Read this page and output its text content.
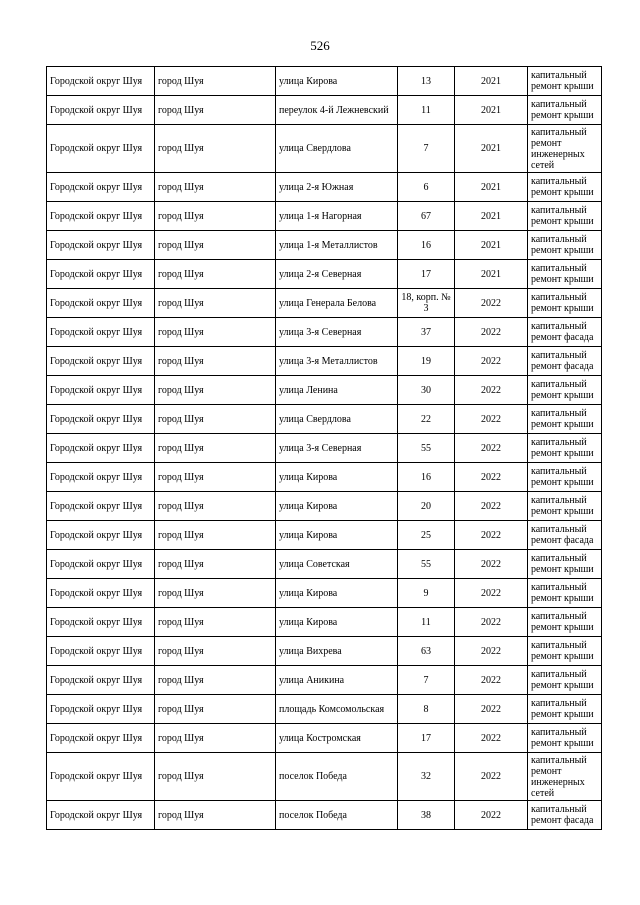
526
Городской округ Шуя	город Шуя	улица Кирова	13	2021	капитальный ремонт крыши
Городской округ Шуя	город Шуя	переулок 4-й Лежневский	11	2021	капитальный ремонт крыши
Городской округ Шуя	город Шуя	улица Свердлова	7	2021	капитальный ремонт инженерных сетей
Городской округ Шуя	город Шуя	улица 2-я Южная	6	2021	капитальный ремонт крыши
Городской округ Шуя	город Шуя	улица 1-я Нагорная	67	2021	капитальный ремонт крыши
Городской округ Шуя	город Шуя	улица 1-я Металлистов	16	2021	капитальный ремонт крыши
Городской округ Шуя	город Шуя	улица 2-я Северная	17	2021	капитальный ремонт крыши
Городской округ Шуя	город Шуя	улица Генерала Белова	18, корп. № 3	2022	капитальный ремонт крыши
Городской округ Шуя	город Шуя	улица 3-я Северная	37	2022	капитальный ремонт фасада
Городской округ Шуя	город Шуя	улица 3-я Металлистов	19	2022	капитальный ремонт фасада
Городской округ Шуя	город Шуя	улица Ленина	30	2022	капитальный ремонт крыши
Городской округ Шуя	город Шуя	улица Свердлова	22	2022	капитальный ремонт крыши
Городской округ Шуя	город Шуя	улица 3-я Северная	55	2022	капитальный ремонт крыши
Городской округ Шуя	город Шуя	улица Кирова	16	2022	капитальный ремонт крыши
Городской округ Шуя	город Шуя	улица Кирова	20	2022	капитальный ремонт крыши
Городской округ Шуя	город Шуя	улица Кирова	25	2022	капитальный ремонт фасада
Городской округ Шуя	город Шуя	улица Советская	55	2022	капитальный ремонт крыши
Городской округ Шуя	город Шуя	улица Кирова	9	2022	капитальный ремонт крыши
Городской округ Шуя	город Шуя	улица Кирова	11	2022	капитальный ремонт крыши
Городской округ Шуя	город Шуя	улица Вихрева	63	2022	капитальный ремонт крыши
Городской округ Шуя	город Шуя	улица Аникина	7	2022	капитальный ремонт крыши
Городской округ Шуя	город Шуя	площадь Комсомольская	8	2022	капитальный ремонт крыши
Городской округ Шуя	город Шуя	улица Костромская	17	2022	капитальный ремонт крыши
Городской округ Шуя	город Шуя	поселок Победа	32	2022	капитальный ремонт инженерных сетей
Городской округ Шуя	город Шуя	поселок Победа	38	2022	капитальный ремонт фасада
